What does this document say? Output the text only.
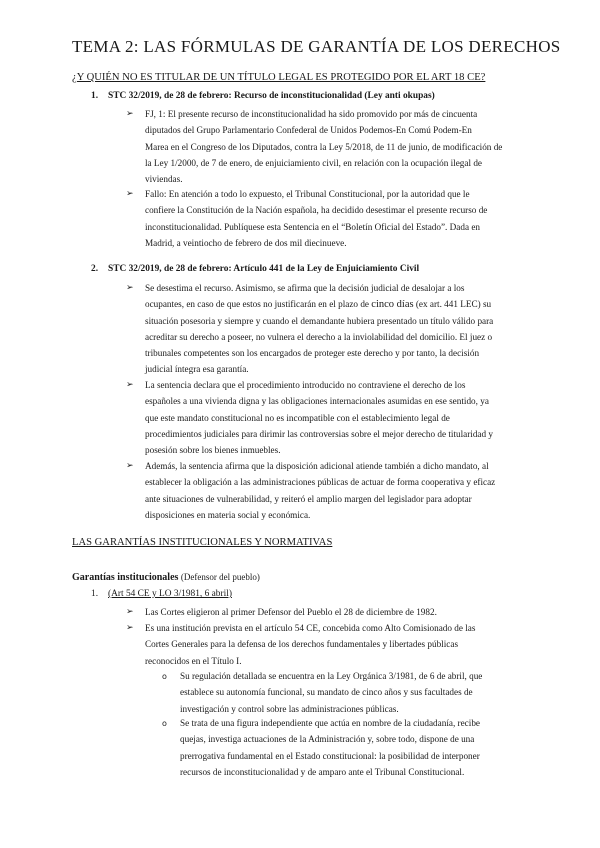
TEMA 2: LAS FÓRMULAS DE GARANTÍA DE LOS DERECHOS
¿Y QUIÉN NO ES TITULAR DE UN TÍTULO LEGAL ES PROTEGIDO POR EL ART 18 CE?
1. STC 32/2019, de 28 de febrero: Recurso de inconstitucionalidad (Ley anti okupas)
➢ FJ, 1: El presente recurso de inconstitucionalidad ha sido promovido por más de cincuenta
diputados del Grupo Parlamentario Confederal de Unidos Podemos-En Comú Podem-En
Marea en el Congreso de los Diputados, contra la Ley 5/2018, de 11 de junio, de modificación de
la Ley 1/2000, de 7 de enero, de enjuiciamiento civil, en relación con la ocupación ilegal de
viviendas.
➢ Fallo: En atención a todo lo expuesto, el Tribunal Constitucional, por la autoridad que le
confiere la Constitución de la Nación española, ha decidido desestimar el presente recurso de
inconstitucionalidad. Publíquese esta Sentencia en el “Boletín Oficial del Estado”. Dada en
Madrid, a veintiocho de febrero de dos mil diecinueve.
2. STC 32/2019, de 28 de febrero: Artículo 441 de la Ley de Enjuiciamiento Civil
➢ Se desestima el recurso. Asimismo, se afirma que la decisión judicial de desalojar a los
ocupantes, en caso de que estos no justificarán en el plazo de cinco días (ex art. 441 LEC) su
situación posesoria y siempre y cuando el demandante hubiera presentado un título válido para
acreditar su derecho a poseer, no vulnera el derecho a la inviolabilidad del domicilio. El juez o
tribunales competentes son los encargados de proteger este derecho y por tanto, la decisión
judicial íntegra esa garantía.
➢ La sentencia declara que el procedimiento introducido no contraviene el derecho de los
españoles a una vivienda digna y las obligaciones internacionales asumidas en ese sentido, ya
que este mandato constitucional no es incompatible con el establecimiento legal de
procedimientos judiciales para dirimir las controversias sobre el mejor derecho de titularidad y
posesión sobre los bienes inmuebles.
➢ Además, la sentencia afirma que la disposición adicional atiende también a dicho mandato, al
establecer la obligación a las administraciones públicas de actuar de forma cooperativa y eficaz
ante situaciones de vulnerabilidad, y reiteró el amplio margen del legislador para adoptar
disposiciones en materia social y económica.
LAS GARANTÍAS INSTITUCIONALES Y NORMATIVAS
Garantías institucionales (Defensor del pueblo)
1. (Art 54 CE y LO 3/1981, 6 abril)
➢ Las Cortes eligieron al primer Defensor del Pueblo el 28 de diciembre de 1982.
➢ Es una institución prevista en el artículo 54 CE, concebida como Alto Comisionado de las
Cortes Generales para la defensa de los derechos fundamentales y libertades públicas
reconocidos en el Título I.
o Su regulación detallada se encuentra en la Ley Orgánica 3/1981, de 6 de abril, que
establece su autonomía funcional, su mandato de cinco años y sus facultades de
investigación y control sobre las administraciones públicas.
o Se trata de una figura independiente que actúa en nombre de la ciudadanía, recibe
quejas, investiga actuaciones de la Administración y, sobre todo, dispone de una
prerrogativa fundamental en el Estado constitucional: la posibilidad de interponer
recursos de inconstitucionalidad y de amparo ante el Tribunal Constitucional.
